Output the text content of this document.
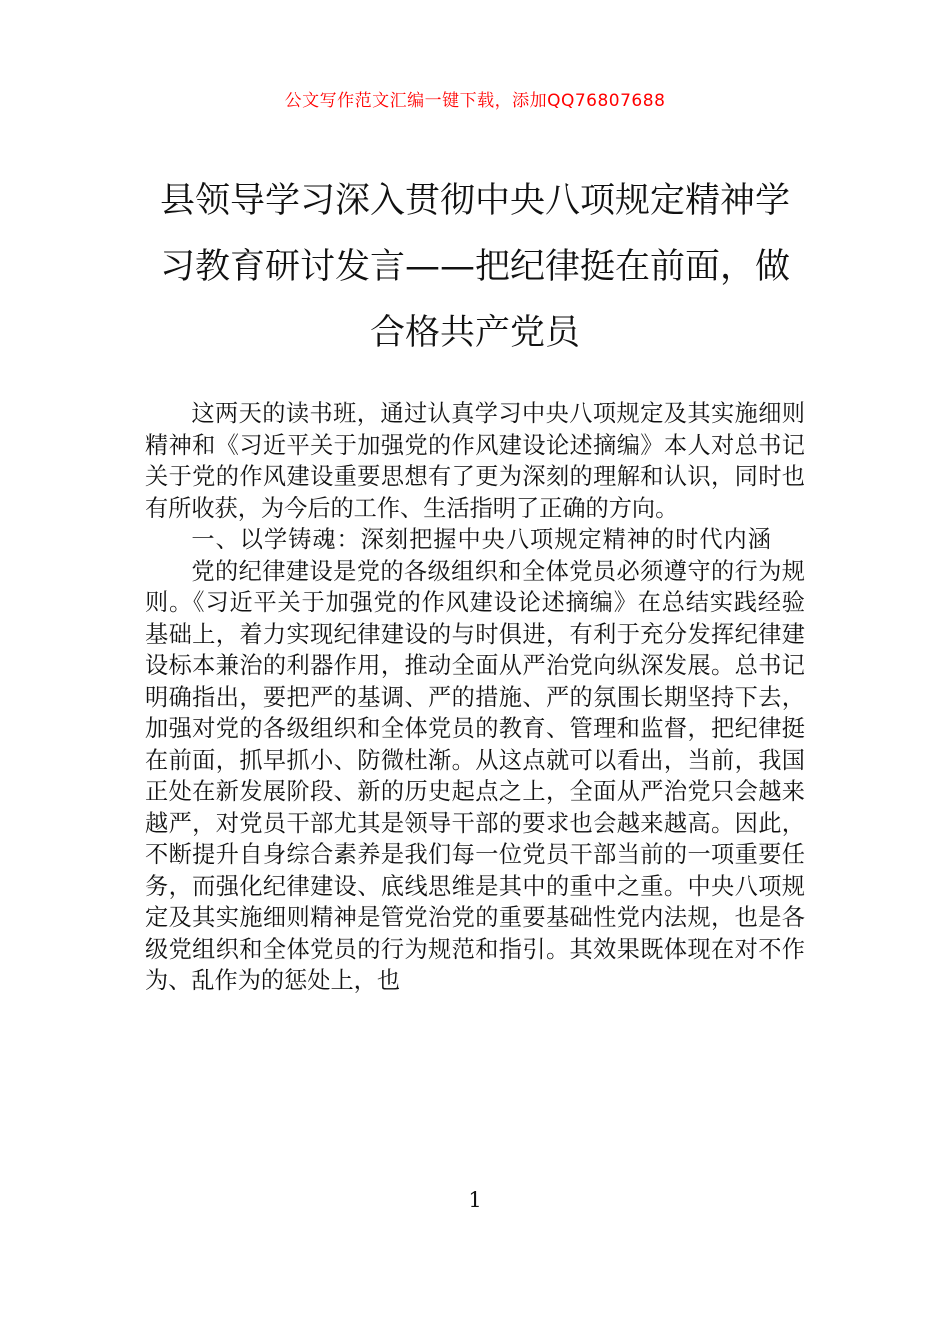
公文写作范文汇编一键下载，添加QQ76807688
县领导学习深入贯彻中央八项规定精神学习教育研讨发言——把纪律挺在前面，做合格共产党员

这两天的读书班，通过认真学习中央八项规定及其实施细则精神和《习近平关于加强党的作风建设论述摘编》本人对总书记关于党的作风建设重要思想有了更为深刻的理解和认识，同时也有所收获，为今后的工作、生活指明了正确的方向。

一、以学铸魂：深刻把握中央八项规定精神的时代内涵

党的纪律建设是党的各级组织和全体党员必须遵守的行为规则。《习近平关于加强党的作风建设论述摘编》在总结实践经验基础上，着力实现纪律建设的与时俱进，有利于充分发挥纪律建设标本兼治的利器作用，推动全面从严治党向纵深发展。总书记明确指出，要把严的基调、严的措施、严的氛围长期坚持下去，加强对党的各级组织和全体党员的教育、管理和监督，把纪律挺在前面，抓早抓小、防微杜渐。从这点就可以看出，当前，我国正处在新发展阶段、新的历史起点之上，全面从严治党只会越来越严，对党员干部尤其是领导干部的要求也会越来越高。因此，不断提升自身综合素养是我们每一位党员干部当前的一项重要任务，而强化纪律建设、底线思维是其中的重中之重。中央八项规定及其实施细则精神是管党治党的重要基础性党内法规，也是各级党组织和全体党员的行为规范和指引。其效果既体现在对不作为、乱作为的惩处上，也

1
